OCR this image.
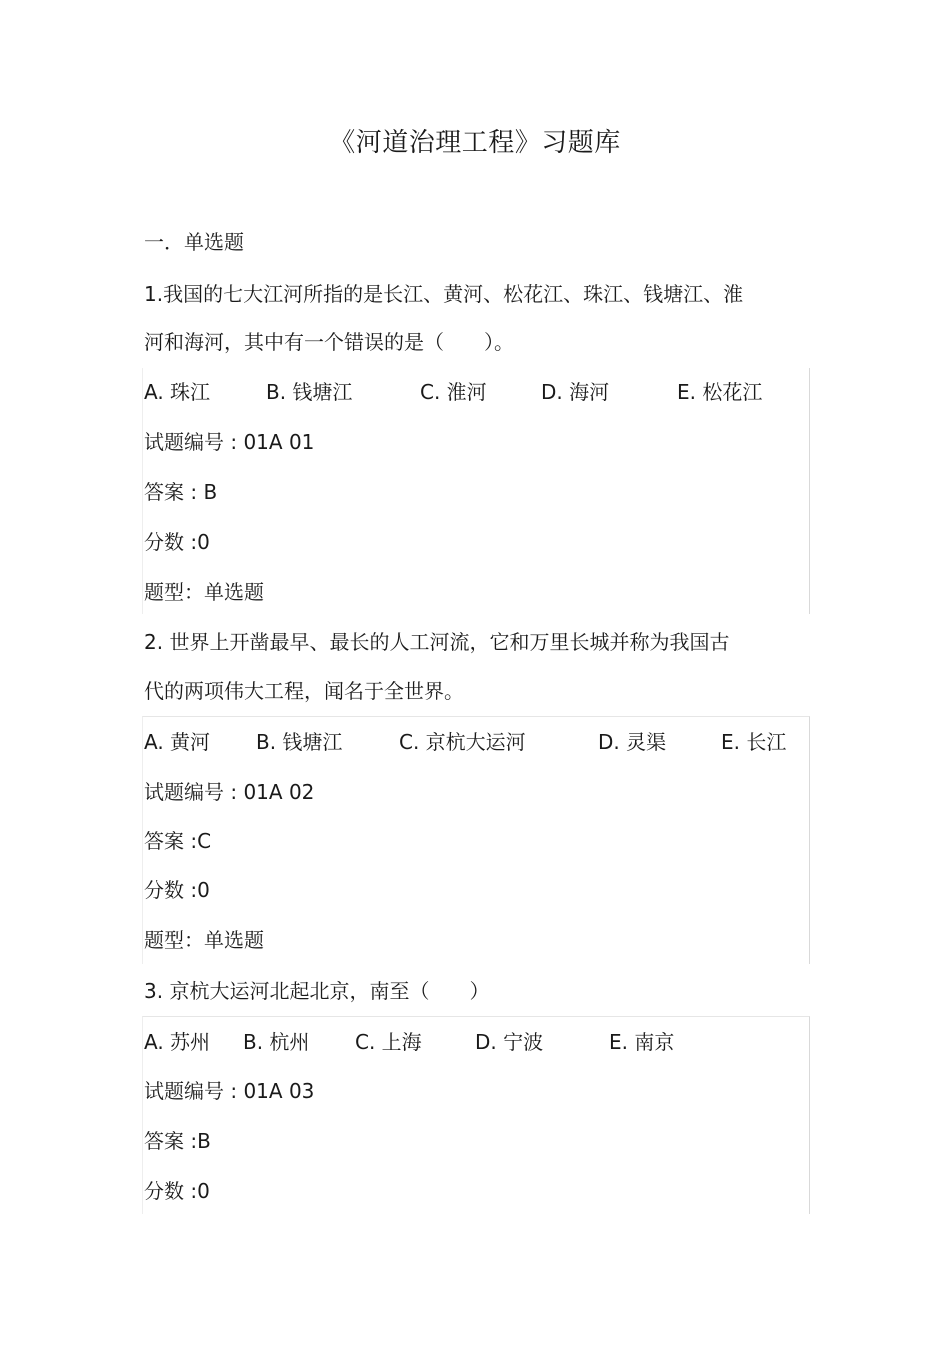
《河道治理工程》习题库
一．单选题
1.我国的七大江河所指的是长江、黄河、松花江、珠江、钱塘江、淮
河和海河，其中有一个错误的是（　　）。
A. 珠江	B. 钱塘江	C. 淮河	D. 海河	E. 松花江
试题编号 : 01A 01
答案 : B
分数 :0
题型：单选题
2. 世界上开凿最早、最长的人工河流，它和万里长城并称为我国古
代的两项伟大工程，闻名于全世界。
A. 黄河 B. 钱塘江	C. 京杭大运河	D. 灵渠	E. 长江
试题编号 : 01A 02
答案 :C
分数 :0
题型：单选题
3. 京杭大运河北起北京，南至（　　）
A. 苏州 B. 杭州 C. 上海	D. 宁波	E. 南京
试题编号 : 01A 03
答案 :B
分数 :0
